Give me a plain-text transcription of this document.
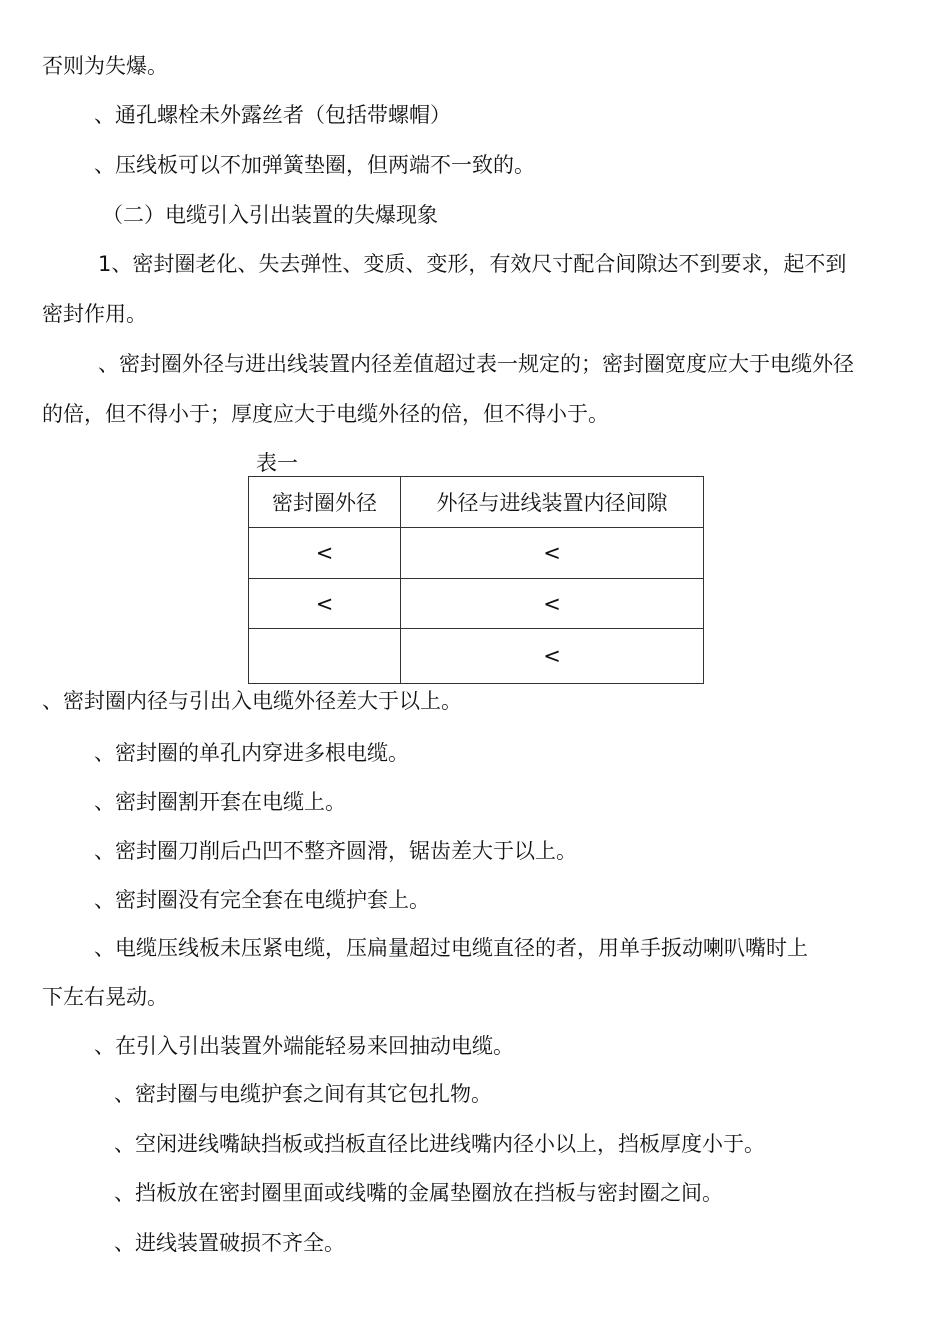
否则为失爆。
、通孔螺栓未外露丝者（包括带螺帽）
、压线板可以不加弹簧垫圈，但两端不一致的。
（二）电缆引入引出装置的失爆现象
1、密封圈老化、失去弹性、变质、变形，有效尺寸配合间隙达不到要求，起不到
密封作用。
、密封圈外径与进出线装置内径差值超过表一规定的；密封圈宽度应大于电缆外径
的倍，但不得小于；厚度应大于电缆外径的倍，但不得小于。
表一
密封圈外径	外径与进线装置内径间隙
<	<
<	<
	<
、密封圈内径与引出入电缆外径差大于以上。
、密封圈的单孔内穿进多根电缆。
、密封圈割开套在电缆上。
、密封圈刀削后凸凹不整齐圆滑，锯齿差大于以上。
、密封圈没有完全套在电缆护套上。
、电缆压线板未压紧电缆，压扁量超过电缆直径的者，用单手扳动喇叭嘴时上
下左右晃动。
、在引入引出装置外端能轻易来回抽动电缆。
、密封圈与电缆护套之间有其它包扎物。
、空闲进线嘴缺挡板或挡板直径比进线嘴内径小以上，挡板厚度小于。
、挡板放在密封圈里面或线嘴的金属垫圈放在挡板与密封圈之间。
、进线装置破损不齐全。
